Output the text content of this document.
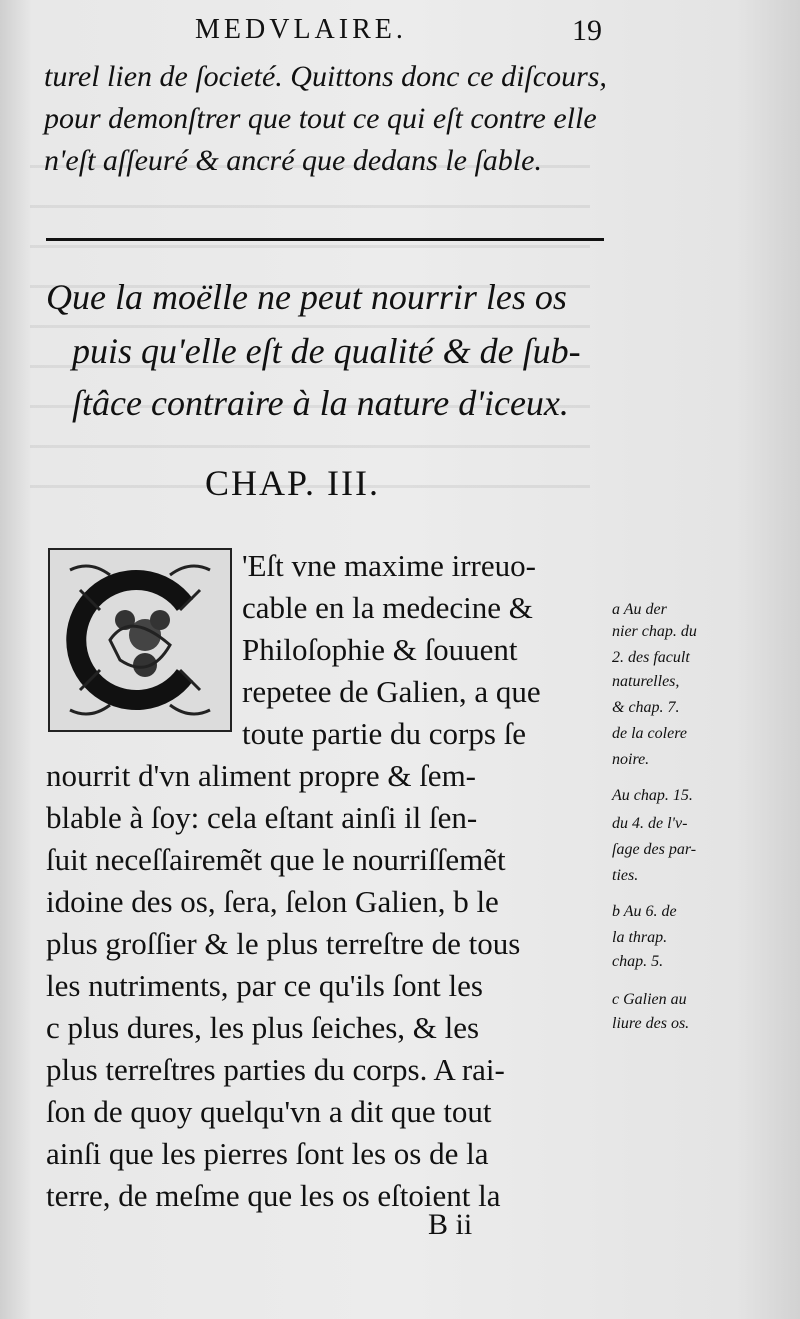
MEDVLAIRE.	19
turel lien de ſocieté. Quittons donc ce diſcours,
pour demonſtrer que tout ce qui eſt contre elle
n'eſt aſſeuré & ancré que dedans le ſable.
Que la moëlle ne peut nourrir les os
puis qu'elle eſt de qualité & de ſub-
ſtâce contraire à la nature d'iceux.
CHAP. III.
'Eſt vne maxime irreuo-
cable en la medecine &
Philoſophie & ſouuent
repetee de Galien, a que
toute partie du corps ſe
nourrit d'vn aliment propre & ſem-
blable à ſoy: cela eſtant ainſi il ſen-
ſuit neceſſairemẽt que le nourriſſemẽt
idoine des os, ſera, ſelon Galien, b le
plus groſſier & le plus terreſtre de tous
les nutriments, par ce qu'ils ſont les
c plus dures, les plus ſeiches, & les
plus terreſtres parties du corps. A rai-
ſon de quoy quelqu'vn a dit que tout
ainſi que les pierres ſont les os de la
terre, de meſme que les os eſtoient la
a Au der
nier chap. du
2. des facult
naturelles,
& chap. 7.
de la colere
noire.
Au chap. 15.
du 4. de l'v-
ſage des par-
ties.
b Au 6. de
la thrap.
chap. 5.
c Galien au
liure des os.
B ii
